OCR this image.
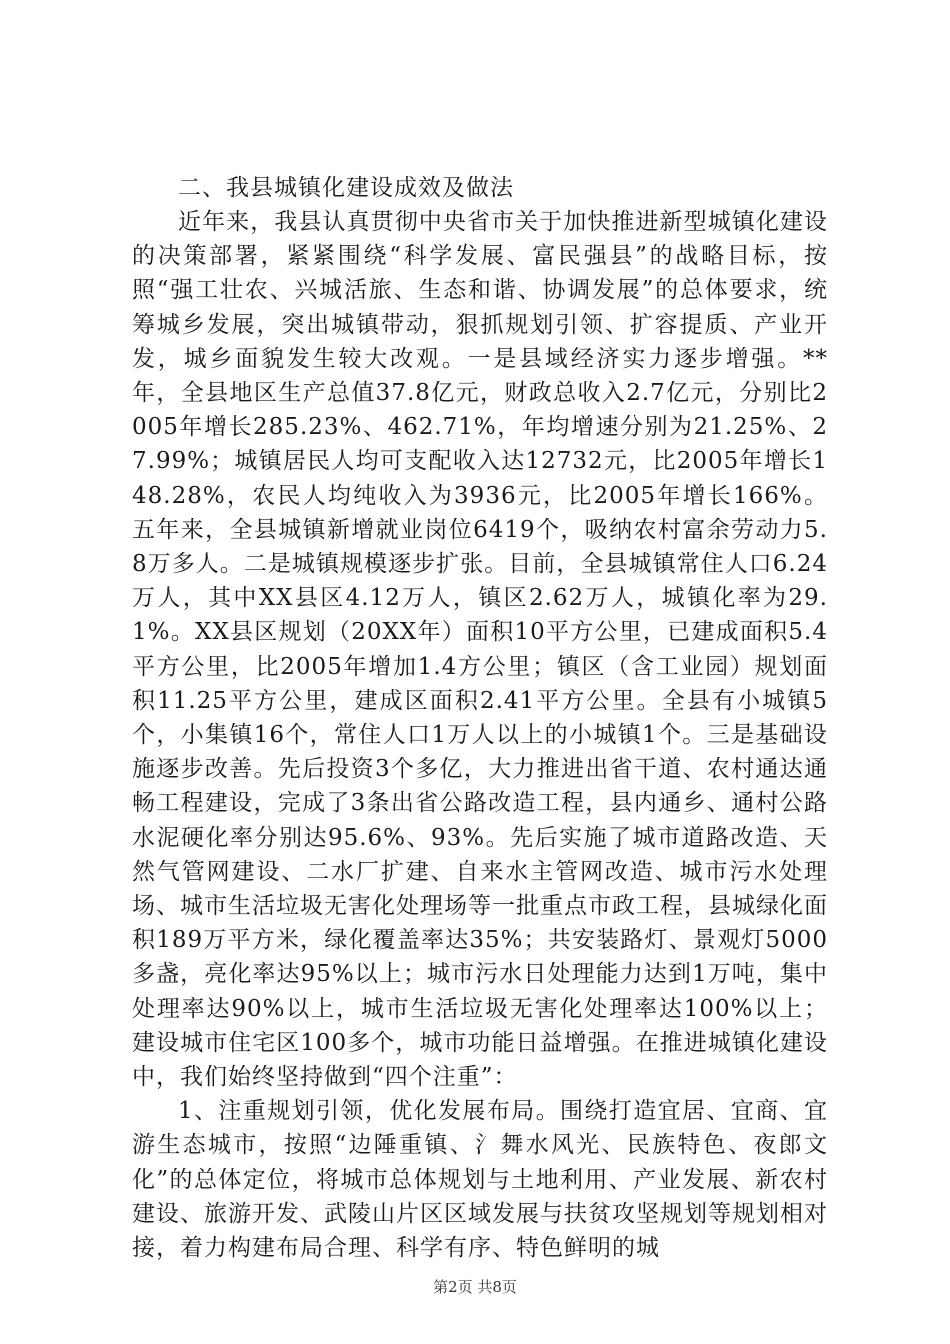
二、我县城镇化建设成效及做法

近年来，我县认真贯彻中央省市关于加快推进新型城镇化建设的决策部署，紧紧围绕“科学发展、富民强县”的战略目标，按照“强工壮农、兴城活旅、生态和谐、协调发展”的总体要求，统筹城乡发展，突出城镇带动，狠抓规划引领、扩容提质、产业开发，城乡面貌发生较大改观。一是县域经济实力逐步增强。**年，全县地区生产总值37.8亿元，财政总收入2.7亿元，分别比2005年增长285.23%、462.71%，年均增速分别为21.25%、27.99%；城镇居民人均可支配收入达12732元，比2005年增长148.28%，农民人均纯收入为3936元，比2005年增长166%。五年来，全县城镇新增就业岗位6419个，吸纳农村富余劳动力5.8万多人。二是城镇规模逐步扩张。目前，全县城镇常住人口6.24万人，其中XX县区4.12万人，镇区2.62万人，城镇化率为29.1%。XX县区规划（20XX年）面积10平方公里，已建成面积5.4平方公里，比2005年增加1.4方公里；镇区（含工业园）规划面积11.25平方公里，建成区面积2.41平方公里。全县有小城镇5个，小集镇16个，常住人口1万人以上的小城镇1个。三是基础设施逐步改善。先后投资3个多亿，大力推进出省干道、农村通达通畅工程建设，完成了3条出省公路改造工程，县内通乡、通村公路水泥硬化率分别达95.6%、93%。先后实施了城市道路改造、天然气管网建设、二水厂扩建、自来水主管网改造、城市污水处理场、城市生活垃圾无害化处理场等一批重点市政工程，县城绿化面积189万平方米，绿化覆盖率达35%；共安装路灯、景观灯5000多盏，亮化率达95%以上；城市污水日处理能力达到1万吨，集中处理率达90%以上，城市生活垃圾无害化处理率达100%以上；建设城市住宅区100多个，城市功能日益增强。在推进城镇化建设中，我们始终坚持做到“四个注重”：

1、注重规划引领，优化发展布局。围绕打造宜居、宜商、宜游生态城市，按照“边陲重镇、氵舞水风光、民族特色、夜郎文化”的总体定位，将城市总体规划与土地利用、产业发展、新农村建设、旅游开发、武陵山片区区域发展与扶贫攻坚规划等规划相对接，着力构建布局合理、科学有序、特色鲜明的城

第2页 共8页
